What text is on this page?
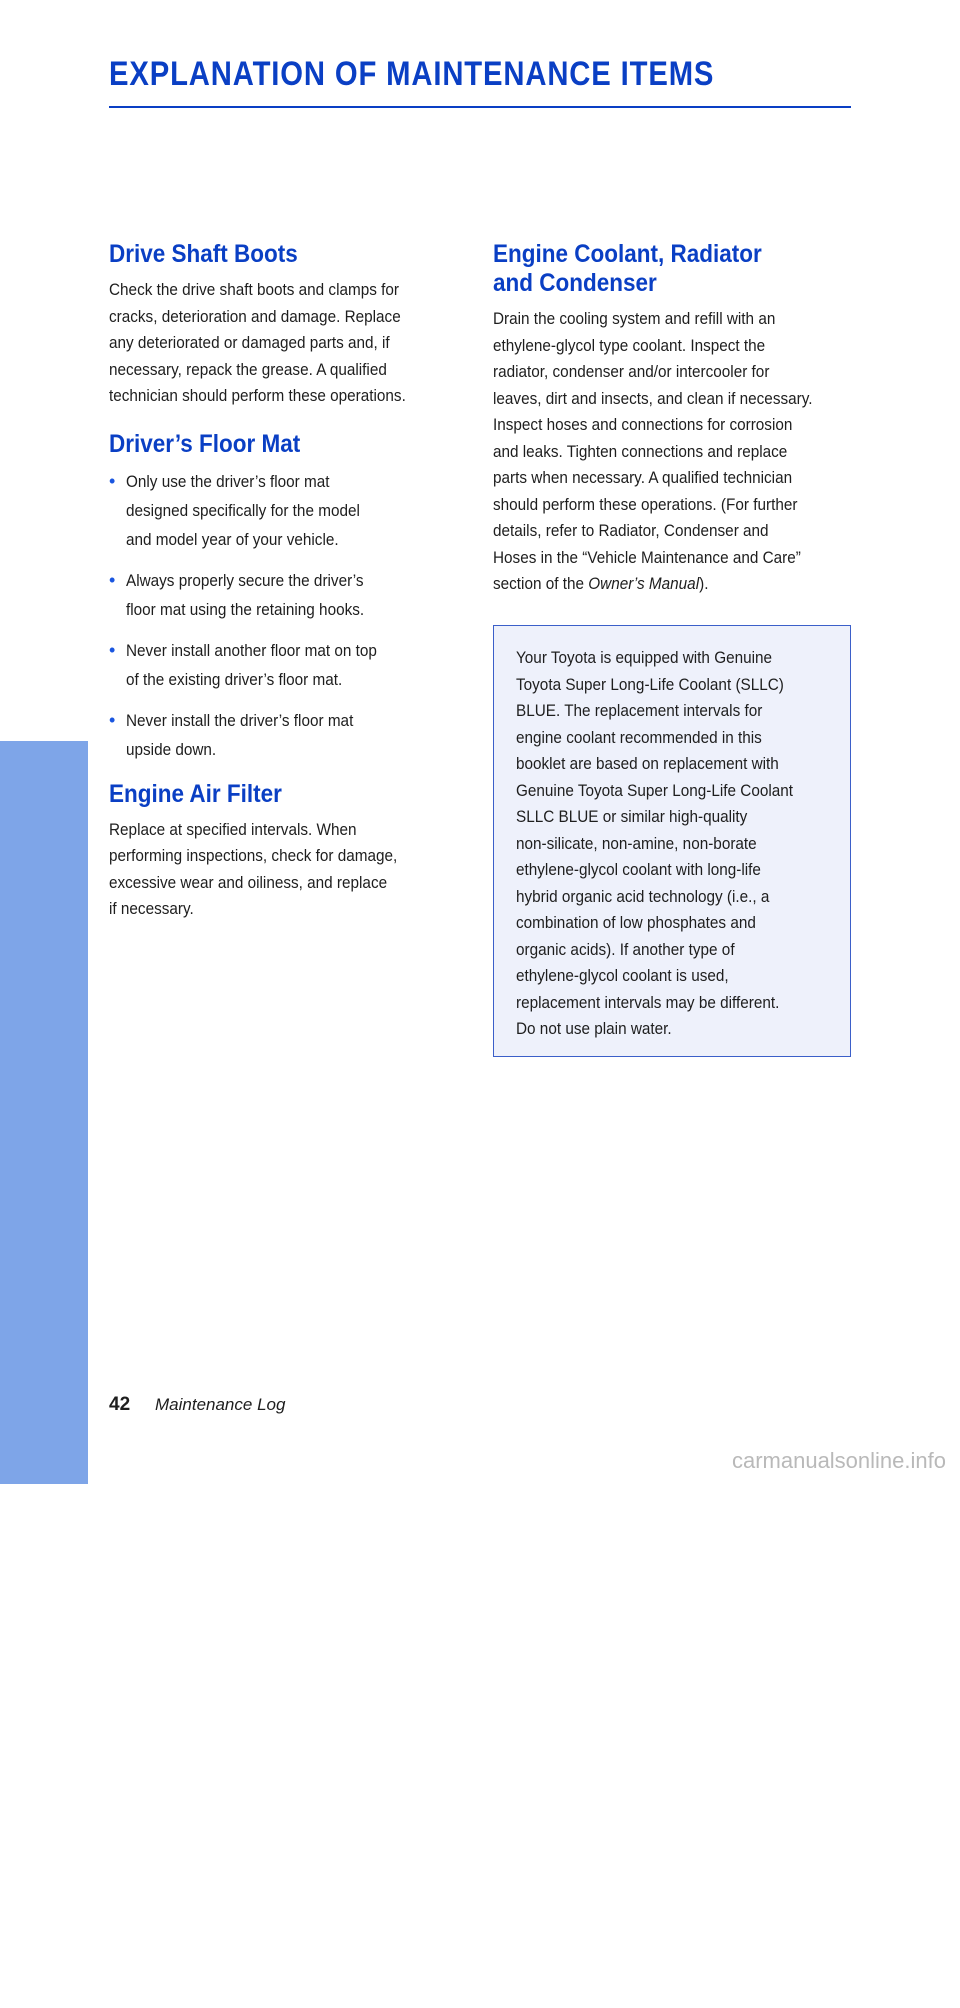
EXPLANATION OF MAINTENANCE ITEMS
MAINTENANCE
Drive Shaft Boots

Check the drive shaft boots and clamps for
cracks, deterioration and damage. Replace
any deteriorated or damaged parts and, if
necessary, repack the grease. A qualified
technician should perform these operations.

Driver’s Floor Mat
• Only use the driver’s floor mat
designed specifically for the model
and model year of your vehicle.
• Always properly secure the driver’s
floor mat using the retaining hooks.
• Never install another floor mat on top
of the existing driver’s floor mat.
• Never install the driver’s floor mat
upside down.
Engine Air Filter

Replace at specified intervals. When
performing inspections, check for damage,
excessive wear and oiliness, and replace
if necessary.

Engine Coolant, Radiator
and Condenser

Drain the cooling system and refill with an
ethylene-glycol type coolant. Inspect the
radiator, condenser and/or intercooler for
leaves, dirt and insects, and clean if necessary.
Inspect hoses and connections for corrosion
and leaks. Tighten connections and replace
parts when necessary. A qualified technician
should perform these operations. (For further
details, refer to Radiator, Condenser and
Hoses in the “Vehicle Maintenance and Care”
section of the Owner’s Manual).

Your Toyota is equipped with Genuine
Toyota Super Long-Life Coolant (SLLC)
BLUE. The replacement intervals for
engine coolant recommended in this
booklet are based on replacement with
Genuine Toyota Super Long-Life Coolant
SLLC BLUE or similar high-quality
non-silicate, non-amine, non-borate
ethylene-glycol coolant with long-life
hybrid organic acid technology (i.e., a
combination of low phosphates and
organic acids). If another type of
ethylene-glycol coolant is used,
replacement intervals may be different.
Do not use plain water.

42 Maintenance Log
carmanualsonline.info
